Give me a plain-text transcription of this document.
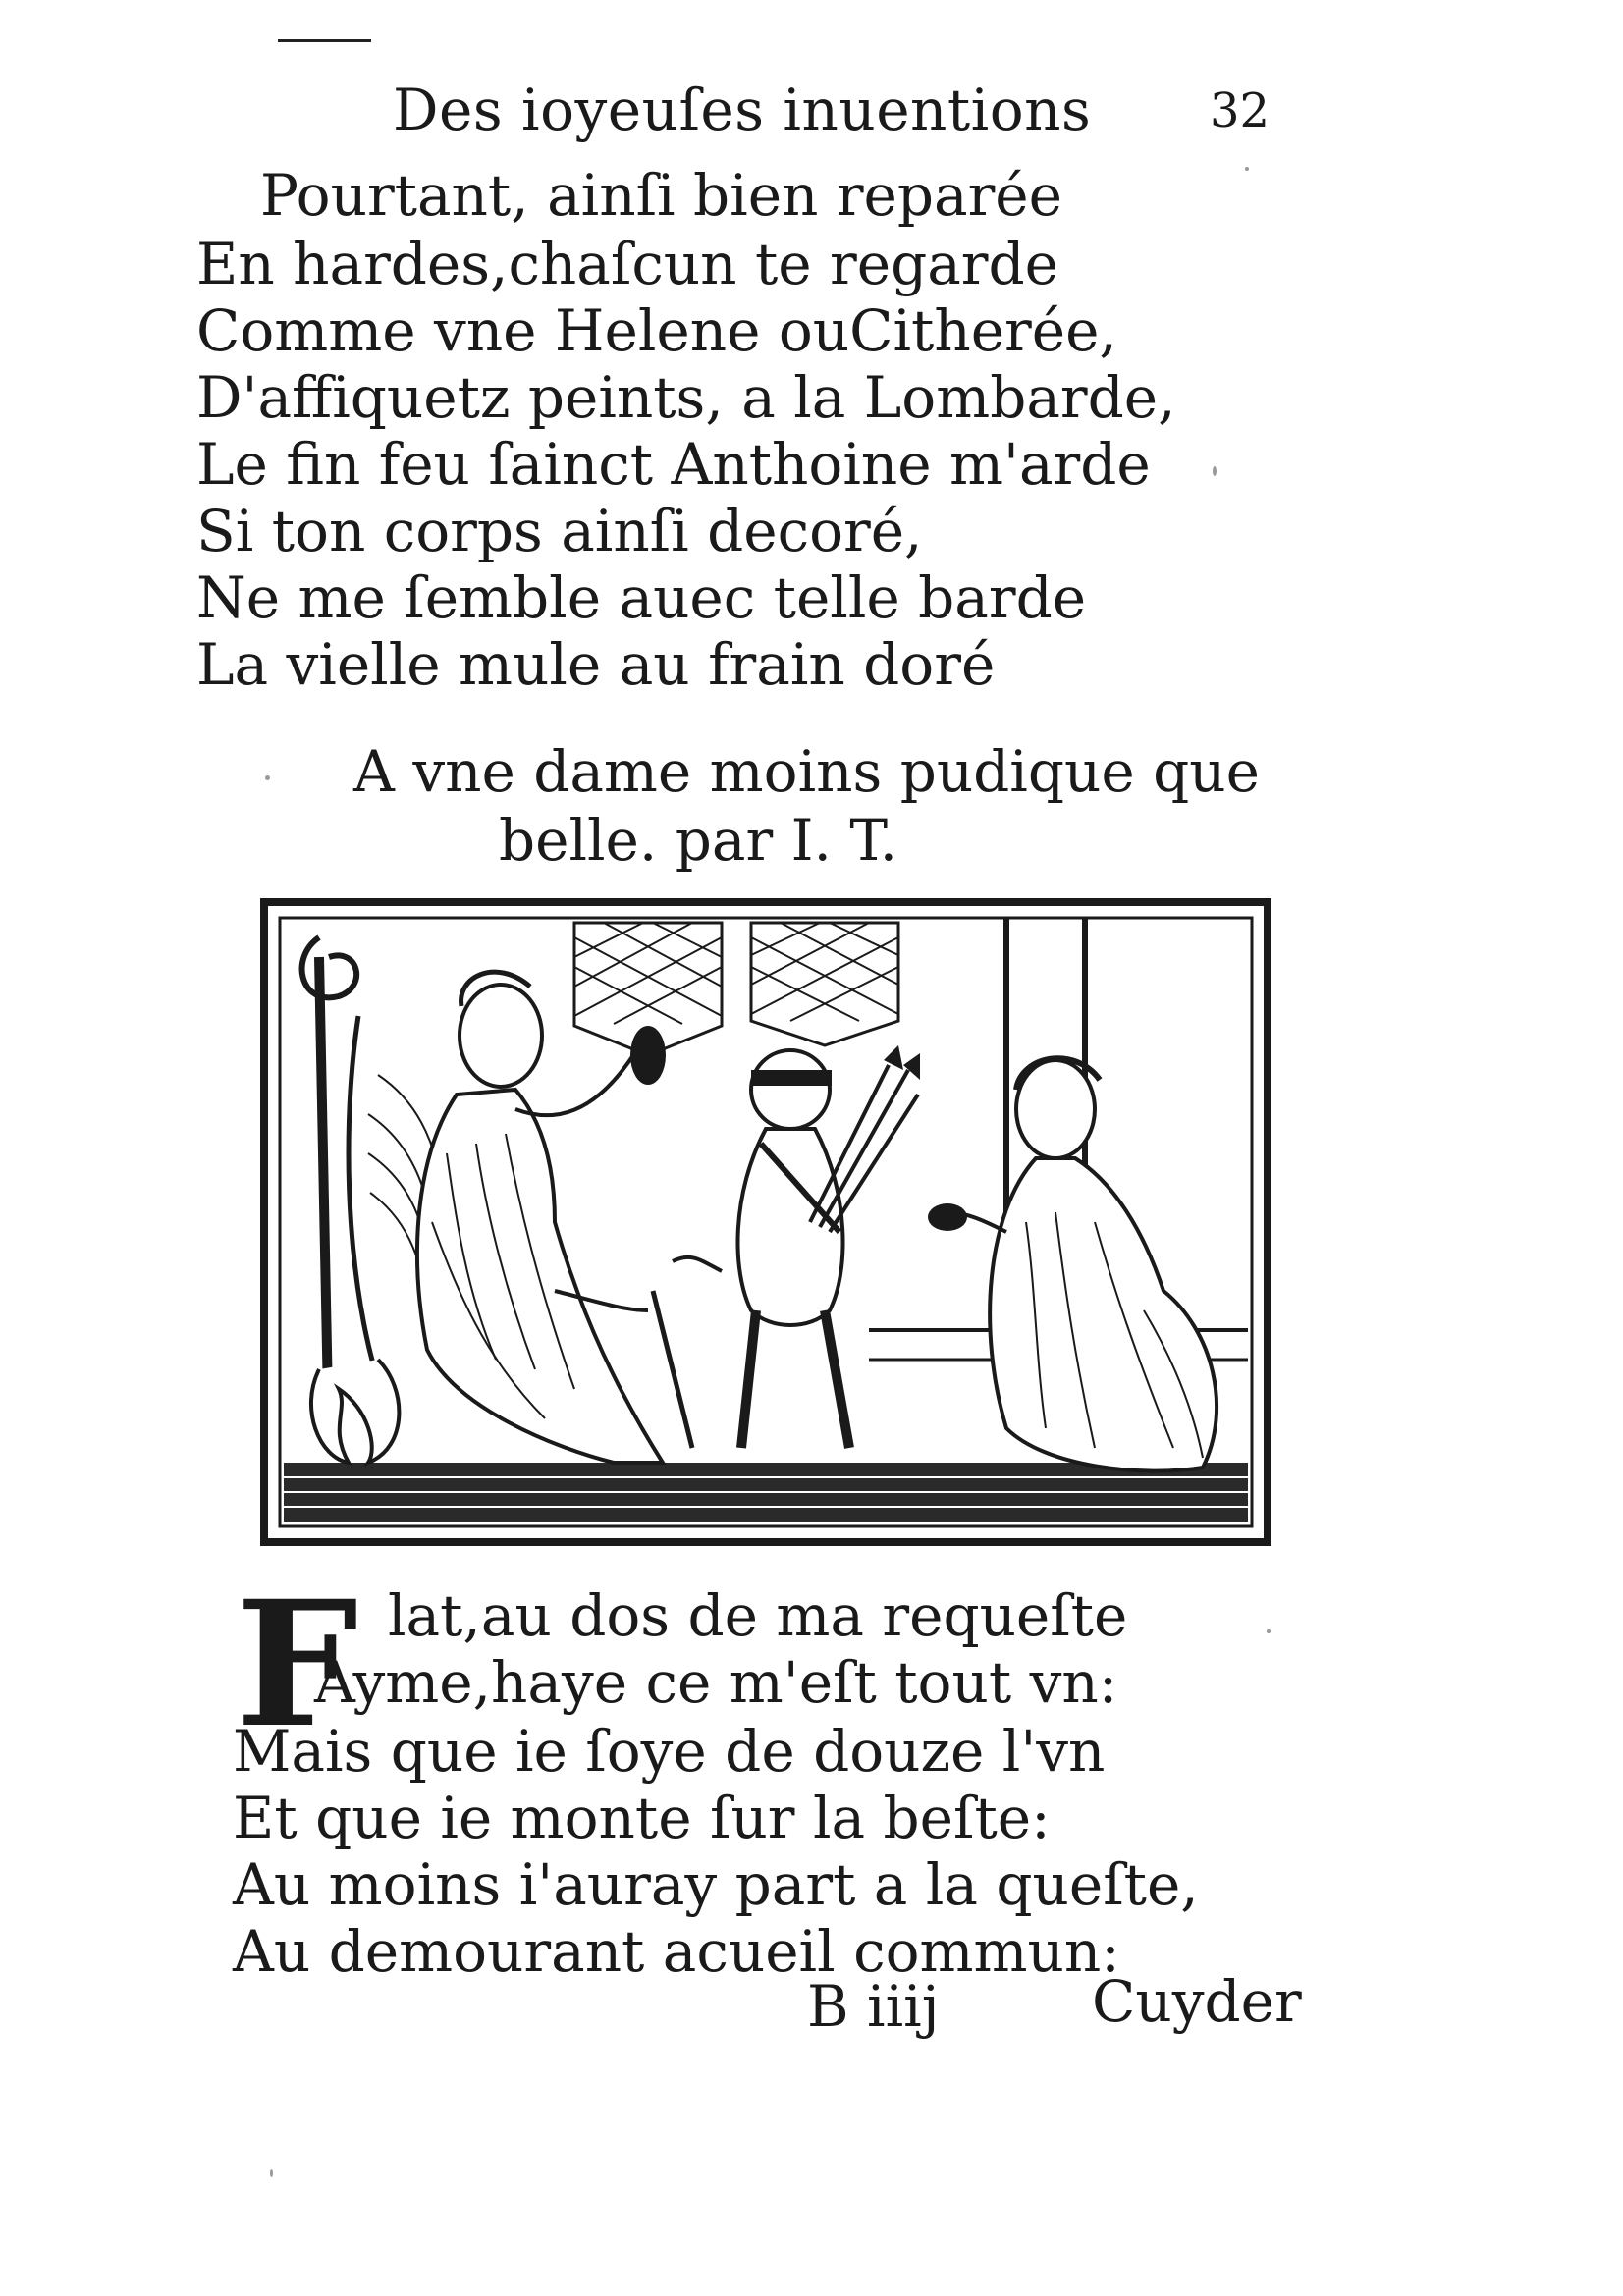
Des ioyeuſes inuentions	32
Pourtant, ainſi bien reparée
En hardes,chaſcun te regarde
Comme vne Helene ouCitherée,
D'affiquetz peints, a la Lombarde,
Le fin feu ſainct Anthoine m'arde
Si ton corps ainſi decoré,
Ne me ſemble auec telle barde
La vielle mule au frain doré
A vne dame moins pudique que
belle. par I. T.
F lat,au dos de ma requeſte
Ayme,haye ce m'eſt tout vn:
Mais que ie ſoye de douze l'vn
Et que ie monte ſur la beſte:
Au moins i'auray part a la queſte,
Au demourant acueil commun:
B iiij	Cuyder
